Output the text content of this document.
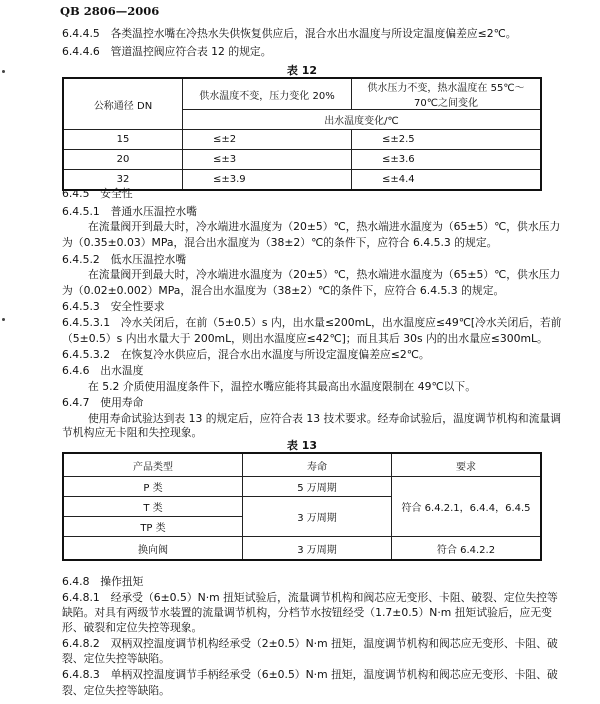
QB 2806—2006
6.4.4.5　各类温控水嘴在冷热水失供恢复供应后，混合水出水温度与所设定温度偏差应≤2℃。
6.4.4.6　管道温控阀应符合表 12 的规定。
表 12
公称通径 DN	供水温度不变，压力变化 20%	供水压力不变，热水温度在 55℃～70℃之间变化
	出水温度变化/℃	
15	≤±2	≤±2.5
20	≤±3	≤±3.6
32	≤±3.9	≤±4.4
6.4.5　安全性
6.4.5.1　普通水压温控水嘴
在流量阀开到最大时，冷水端进水温度为（20±5）℃，热水端进水温度为（65±5）℃，供水压力
为（0.35±0.03）MPa，混合出水温度为（38±2）℃的条件下，应符合 6.4.5.3 的规定。
6.4.5.2　低水压温控水嘴
在流量阀开到最大时，冷水端进水温度为（20±5）℃，热水端进水温度为（65±5）℃，供水压力
为（0.02±0.002）MPa，混合出水温度为（38±2）℃的条件下，应符合 6.4.5.3 的规定。
6.4.5.3　安全性要求
6.4.5.3.1　冷水关闭后，在前（5±0.5）s 内，出水量≤200mL，出水温度应≤49℃[冷水关闭后，若前
（5±0.5）s 内出水量大于 200mL，则出水温度应≤42℃]；而且其后 30s 内的出水量应≤300mL。
6.4.5.3.2　在恢复冷水供应后，混合水出水温度与所设定温度偏差应≤2℃。
6.4.6　出水温度
在 5.2 介质使用温度条件下，温控水嘴应能将其最高出水温度限制在 49℃以下。
6.4.7　使用寿命
使用寿命试验达到表 13 的规定后，应符合表 13 技术要求。经寿命试验后，温度调节机构和流量调
节机构应无卡阻和失控现象。
产品类型	寿命	要求
P 类	5 万周期	符合 6.4.2.1，6.4.4，6.4.5
T 类	3 万周期	
TP 类		
换向阀	3 万周期	符合 6.4.2.2
表 13
6.4.8　操作扭矩
6.4.8.1　经承受（6±0.5）N·m 扭矩试验后，流量调节机构和阀芯应无变形、卡阻、破裂、定位失控等
缺陷。对具有两级节水装置的流量调节机构，分档节水按钮经受（1.7±0.5）N·m 扭矩试验后，应无变
形、破裂和定位失控等现象。
6.4.8.2　双柄双控温度调节机构经承受（2±0.5）N·m 扭矩，温度调节机构和阀芯应无变形、卡阻、破
裂、定位失控等缺陷。
6.4.8.3　单柄双控温度调节手柄经承受（6±0.5）N·m 扭矩，温度调节机构和阀芯应无变形、卡阻、破
裂、定位失控等缺陷。
